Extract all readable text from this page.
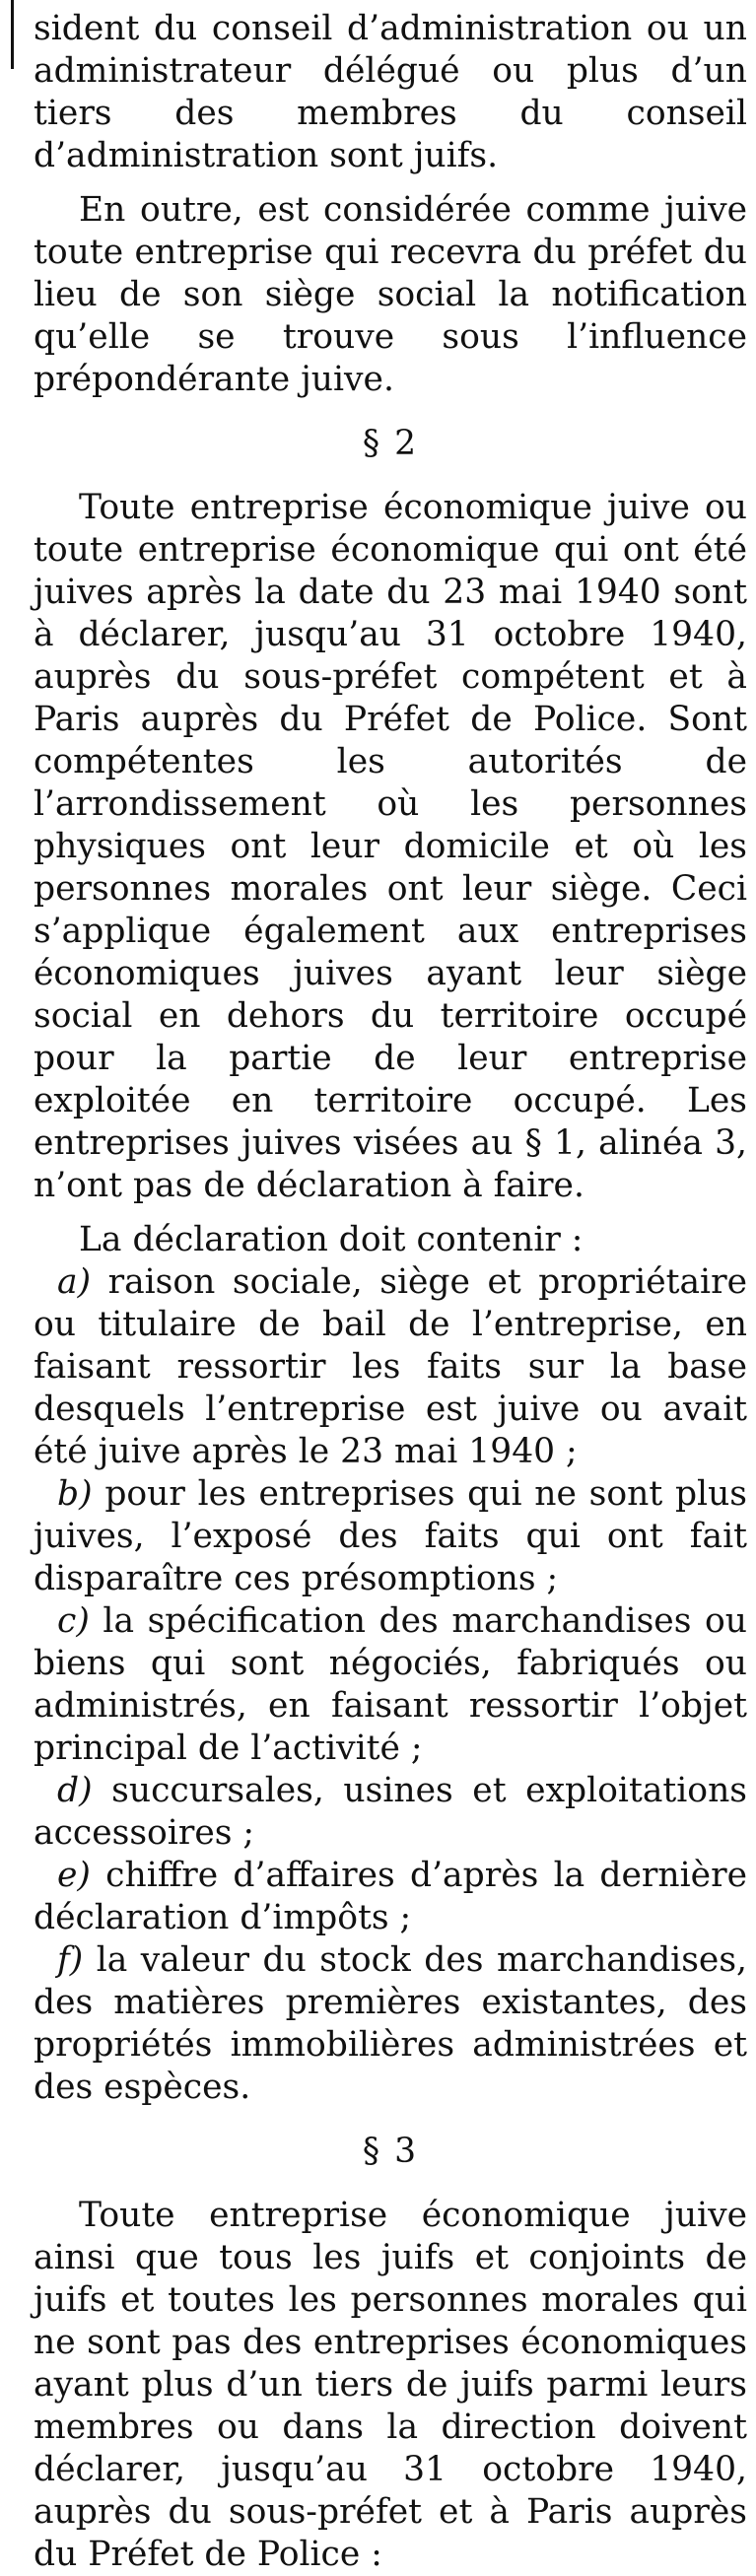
sident du conseil d’administration ou un administrateur délégué ou plus d’un tiers des membres du conseil d’administration sont juifs.

En outre, est considérée comme juive toute entreprise qui recevra du préfet du lieu de son siège social la notification qu’elle se trouve sous l’influence prépondérante juive.

§ 2

Toute entreprise économique juive ou toute entreprise économique qui ont été juives après la date du 23 mai 1940 sont à déclarer, jusqu’au 31 octobre 1940, auprès du sous-préfet compétent et à Paris auprès du Préfet de Police. Sont compétentes les autorités de l’arrondissement où les personnes physiques ont leur domicile et où les personnes morales ont leur siège. Ceci s’applique également aux entreprises économiques juives ayant leur siège social en dehors du territoire occupé pour la partie de leur entreprise exploitée en territoire occupé. Les entreprises juives visées au § 1, alinéa 3, n’ont pas de déclaration à faire.

La déclaration doit contenir :

a) raison sociale, siège et propriétaire ou titulaire de bail de l’entreprise, en faisant ressortir les faits sur la base desquels l’entreprise est juive ou avait été juive après le 23 mai 1940 ;

b) pour les entreprises qui ne sont plus juives, l’exposé des faits qui ont fait disparaître ces présomptions ;

c) la spécification des marchandises ou biens qui sont négociés, fabriqués ou administrés, en faisant ressortir l’objet principal de l’activité ;

d) succursales, usines et exploitations accessoires ;

e) chiffre d’affaires d’après la dernière déclaration d’impôts ;

f) la valeur du stock des marchandises, des matières premières existantes, des propriétés immobilières administrées et des espèces.

§ 3

Toute entreprise économique juive ainsi que tous les juifs et conjoints de juifs et toutes les personnes morales qui ne sont pas des entreprises économiques ayant plus d’un tiers de juifs parmi leurs membres ou dans la direction doivent déclarer, jusqu’au 31 octobre 1940, auprès du sous-préfet et à Paris auprès du Préfet de Police :
